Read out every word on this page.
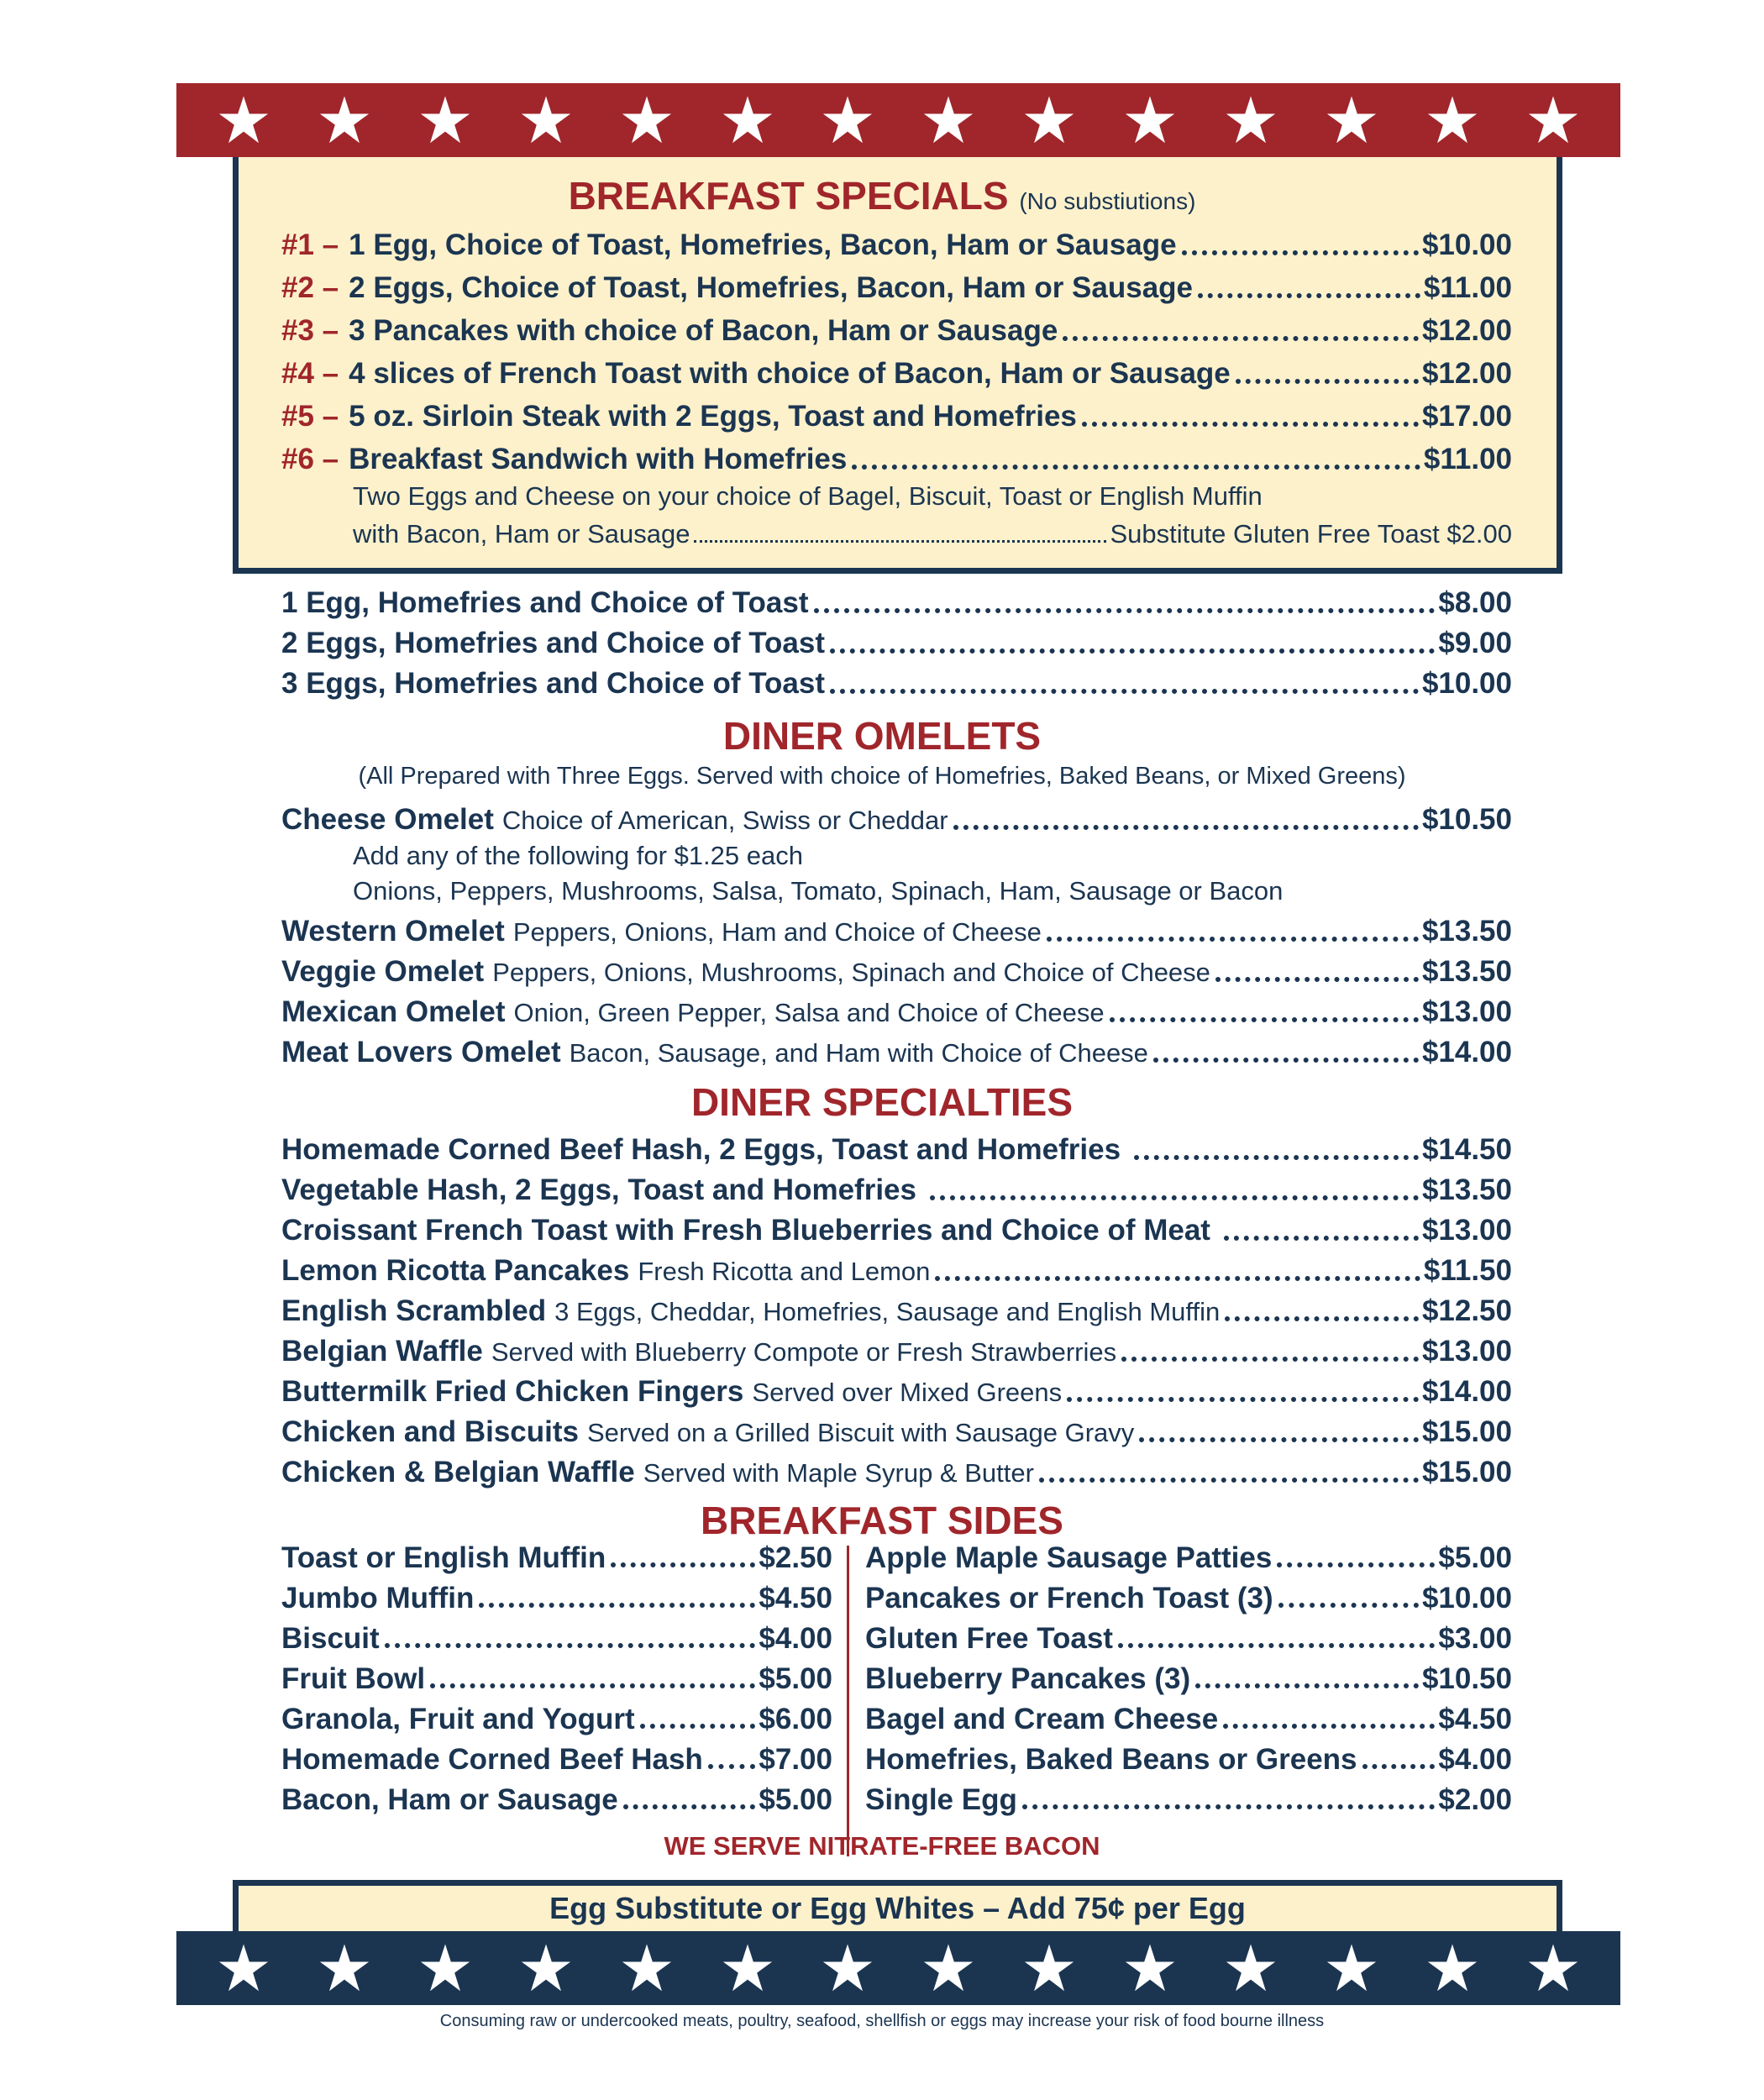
BREAKFAST SPECIALS (No substiutions)
#1 – 1 Egg, Choice of Toast, Homefries, Bacon, Ham or Sausage	$10.00
#2 – 2 Eggs, Choice of Toast, Homefries, Bacon, Ham or Sausage	$11.00
#3 – 3 Pancakes with choice of Bacon, Ham or Sausage	$12.00
#4 – 4 slices of French Toast with choice of Bacon, Ham or Sausage	$12.00
#5 – 5 oz. Sirloin Steak with 2 Eggs, Toast and Homefries	$17.00
#6 – Breakfast Sandwich with Homefries	$11.00
Two Eggs and Cheese on your choice of Bagel, Biscuit, Toast or English Muffin
with Bacon, Ham or Sausage	Substitute Gluten Free Toast $2.00
1 Egg, Homefries and Choice of Toast	$8.00
2 Eggs, Homefries and Choice of Toast	$9.00
3 Eggs, Homefries and Choice of Toast	$10.00
DINER OMELETS
(All Prepared with Three Eggs. Served with choice of Homefries, Baked Beans, or Mixed Greens)
Cheese Omelet Choice of American, Swiss or Cheddar	$10.50
Add any of the following for $1.25 each
Onions, Peppers, Mushrooms, Salsa, Tomato, Spinach, Ham, Sausage or Bacon
Western Omelet Peppers, Onions, Ham and Choice of Cheese	$13.50
Veggie Omelet Peppers, Onions, Mushrooms, Spinach and Choice of Cheese	$13.50
Mexican Omelet Onion, Green Pepper, Salsa and Choice of Cheese	$13.00
Meat Lovers Omelet Bacon, Sausage, and Ham with Choice of Cheese	$14.00
DINER SPECIALTIES
Homemade Corned Beef Hash, 2 Eggs, Toast and Homefries	$14.50
Vegetable Hash, 2 Eggs, Toast and Homefries	$13.50
Croissant French Toast with Fresh Blueberries and Choice of Meat	$13.00
Lemon Ricotta Pancakes Fresh Ricotta and Lemon	$11.50
English Scrambled 3 Eggs, Cheddar, Homefries, Sausage and English Muffin	$12.50
Belgian Waffle Served with Blueberry Compote or Fresh Strawberries	$13.00
Buttermilk Fried Chicken Fingers Served over Mixed Greens	$14.00
Chicken and Biscuits Served on a Grilled Biscuit with Sausage Gravy	$15.00
Chicken & Belgian Waffle Served with Maple Syrup & Butter	$15.00
BREAKFAST SIDES
Toast or English Muffin	$2.50
Jumbo Muffin	$4.50
Biscuit	$4.00
Fruit Bowl	$5.00
Granola, Fruit and Yogurt	$6.00
Homemade Corned Beef Hash $7.00
Bacon, Ham or Sausage	$5.00
Apple Maple Sausage Patties	$5.00
Pancakes or French Toast (3)	$10.00
Gluten Free Toast	$3.00
Blueberry Pancakes (3)	$10.50
Bagel and Cream Cheese	$4.50
Homefries, Baked Beans or Greens	$4.00
Single Egg	$2.00
WE SERVE NITRATE-FREE BACON
Egg Substitute or Egg Whites – Add 75¢ per Egg
Consuming raw or undercooked meats, poultry, seafood, shellfish or eggs may increase your risk of food bourne illness
